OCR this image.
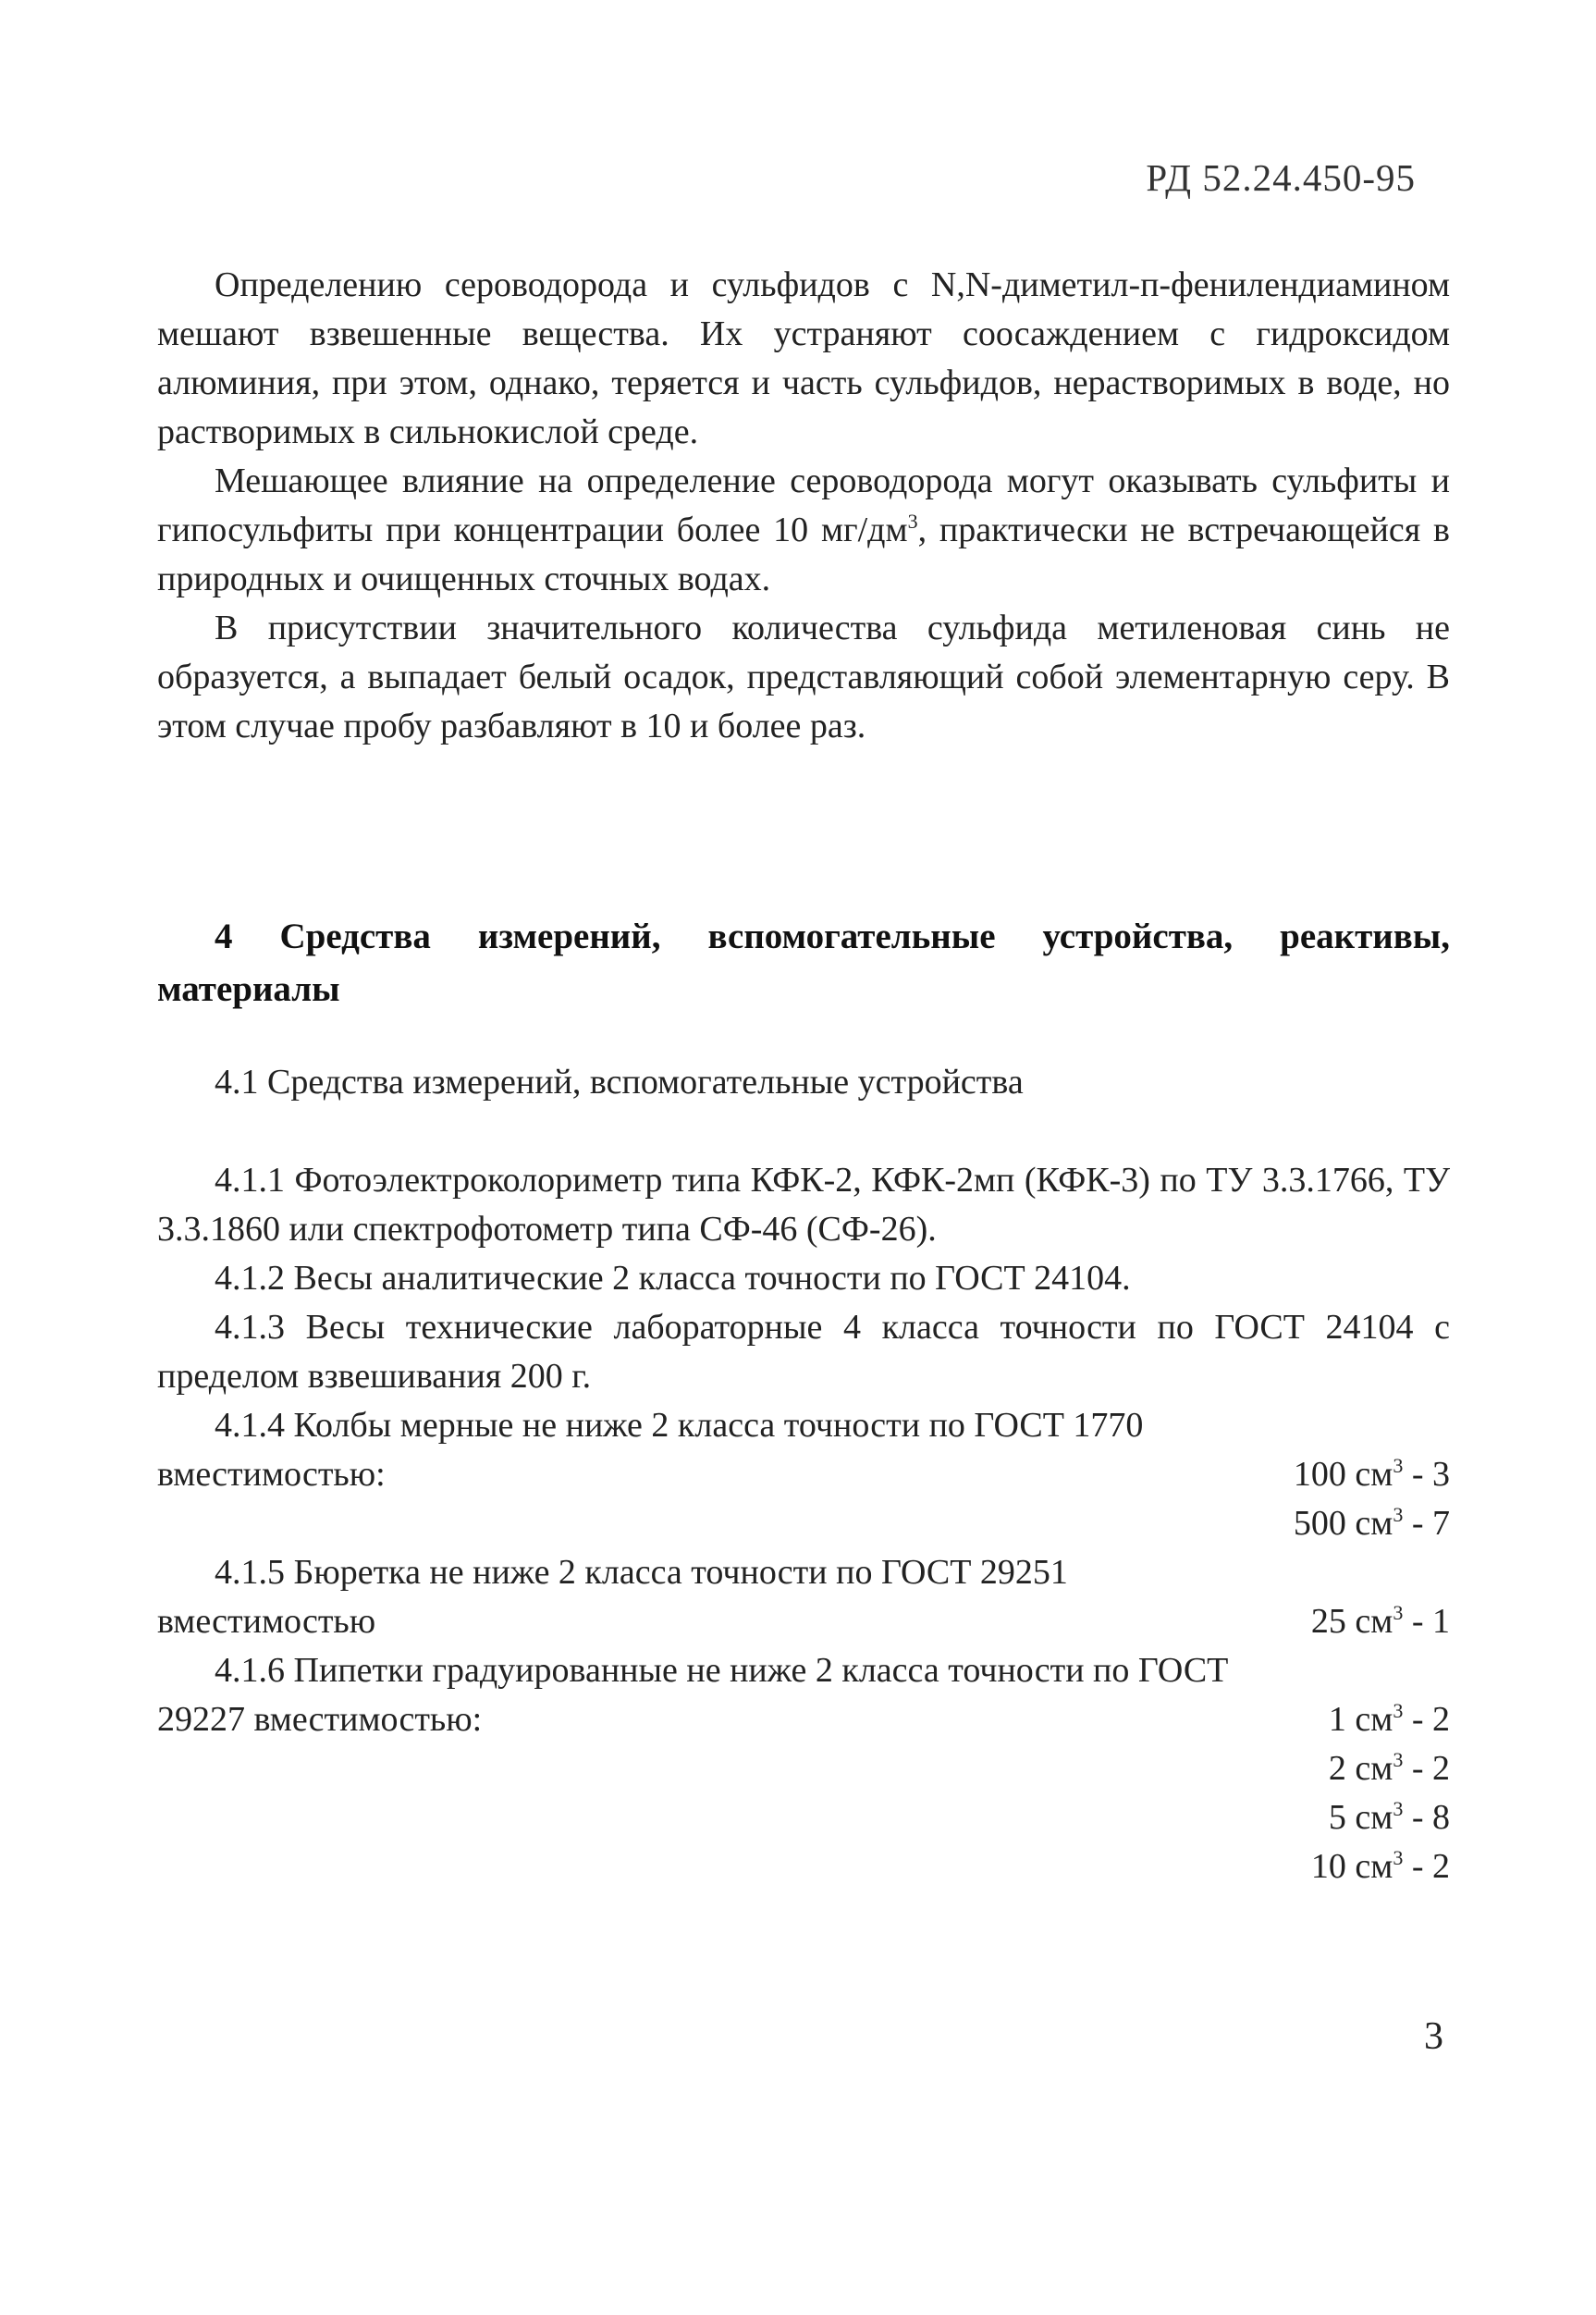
РД 52.24.450-95

Определению сероводорода и сульфидов с N,N-диметил-п-фенилендиамином мешают взвешенные вещества. Их устраняют соосаждением с гидроксидом алюминия, при этом, однако, теряется и часть сульфидов, нерастворимых в воде, но растворимых в сильнокислой среде.

Мешающее влияние на определение сероводорода могут оказывать сульфиты и гипосульфиты при концентрации более 10 $мг/дм^3$, практически не встречающейся в природных и очищенных сточных водах.

В присутствии значительного количества сульфида метиленовая синь не образуется, а выпадает белый осадок, представляющий собой элементарную серу. В этом случае пробу разбавляют в 10 и более раз.

4 Средства измерений, вспомогательные устройства, реактивы, материалы
4.1 Средства измерений, вспомогательные устройства

4.1.1 Фотоэлектроколориметр типа КФК-2, КФК-2мп (КФК-3) по ТУ 3.3.1766, ТУ 3.3.1860 или спектрофотометр типа СФ-46 (СФ-26).

4.1.2 Весы аналитические 2 класса точности по ГОСТ 24104.

4.1.3 Весы технические лабораторные 4 класса точности по ГОСТ 24104 с пределом взвешивания 200 г.

4.1.4 Колбы мерные не ниже 2 класса точности по ГОСТ 1770

вместимостью:	100 $см^3 - 3$

500 $см^3 - 7$

4.1.5 Бюретка не ниже 2 класса точности по ГОСТ 29251

вместимостью	25 $см^3 - 1$

4.1.6 Пипетки градуированные не ниже 2 класса точности по ГОСТ

29227 вместимостью:	1 $см^3 - 2$

2 $см^3 - 2$

5 $см^3 - 8$

10 $см^3 - 2$

3
